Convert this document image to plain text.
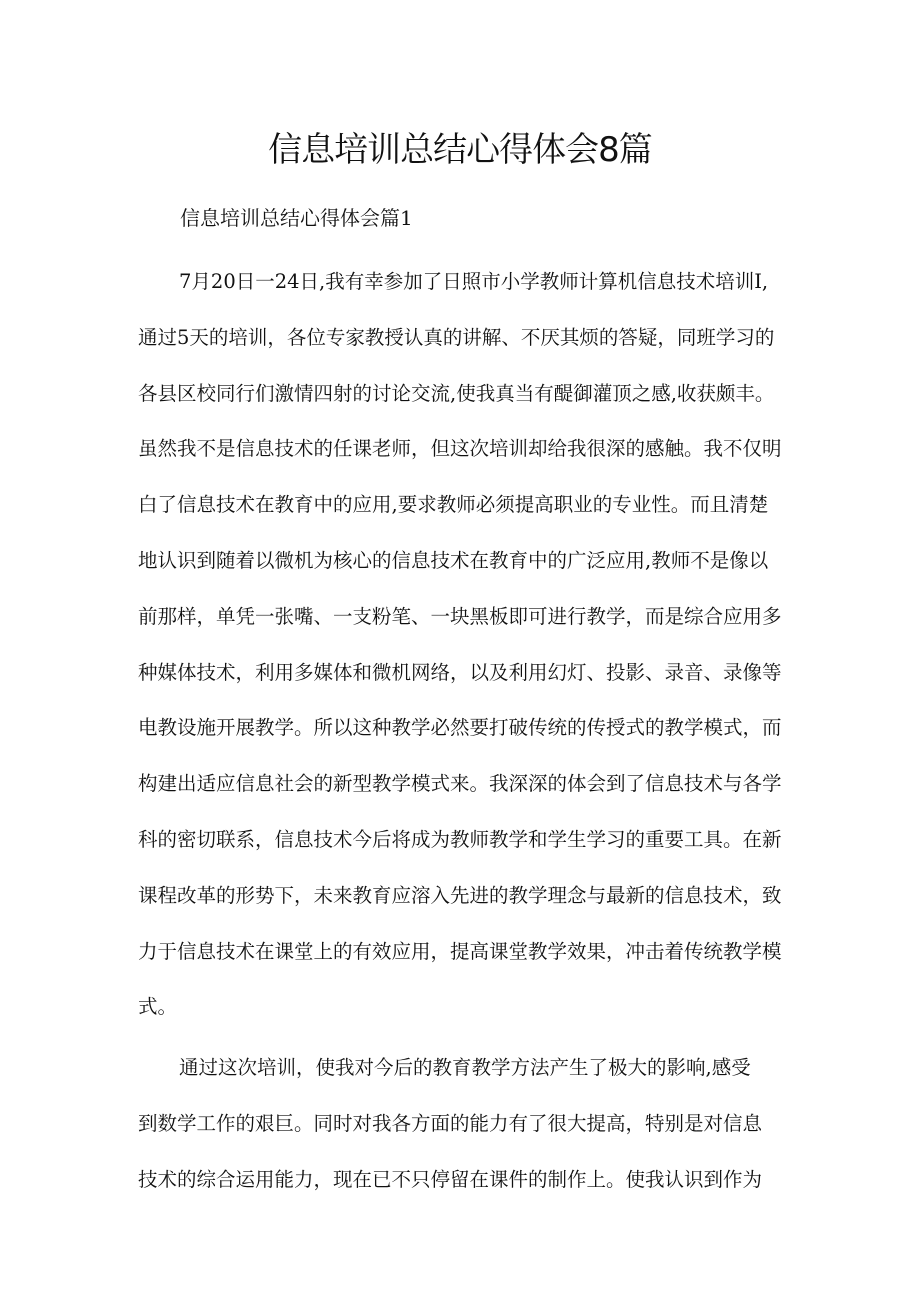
信息培训总结心得体会8篇
信息培训总结心得体会篇1
7月20日一24日,我有幸参加了日照市小学教师计算机信息技术培训I,
通过5天的培训，各位专家教授认真的讲解、不厌其烦的答疑，同班学习的
各县区校同行们激情四射的讨论交流,使我真当有醍御灌顶之感,收获颇丰。
虽然我不是信息技术的任课老师，但这次培训却给我很深的感触。我不仅明
白了信息技术在教育中的应用,要求教师必须提高职业的专业性。而且清楚
地认识到随着以微机为核心的信息技术在教育中的广泛应用,教师不是像以
前那样，单凭一张嘴、一支粉笔、一块黑板即可进行教学，而是综合应用多
种媒体技术，利用多媒体和微机网络，以及利用幻灯、投影、录音、录像等
电教设施开展教学。所以这种教学必然要打破传统的传授式的教学模式，而
构建出适应信息社会的新型教学模式来。我深深的体会到了信息技术与各学
科的密切联系，信息技术今后将成为教师教学和学生学习的重要工具。在新
课程改革的形势下，未来教育应溶入先进的教学理念与最新的信息技术，致
力于信息技术在课堂上的有效应用，提高课堂教学效果，冲击着传统教学模
式。
通过这次培训，使我对今后的教育教学方法产生了极大的影响,感受
到数学工作的艰巨。同时对我各方面的能力有了很大提高，特别是对信息
技术的综合运用能力，现在已不只停留在课件的制作上。使我认识到作为
